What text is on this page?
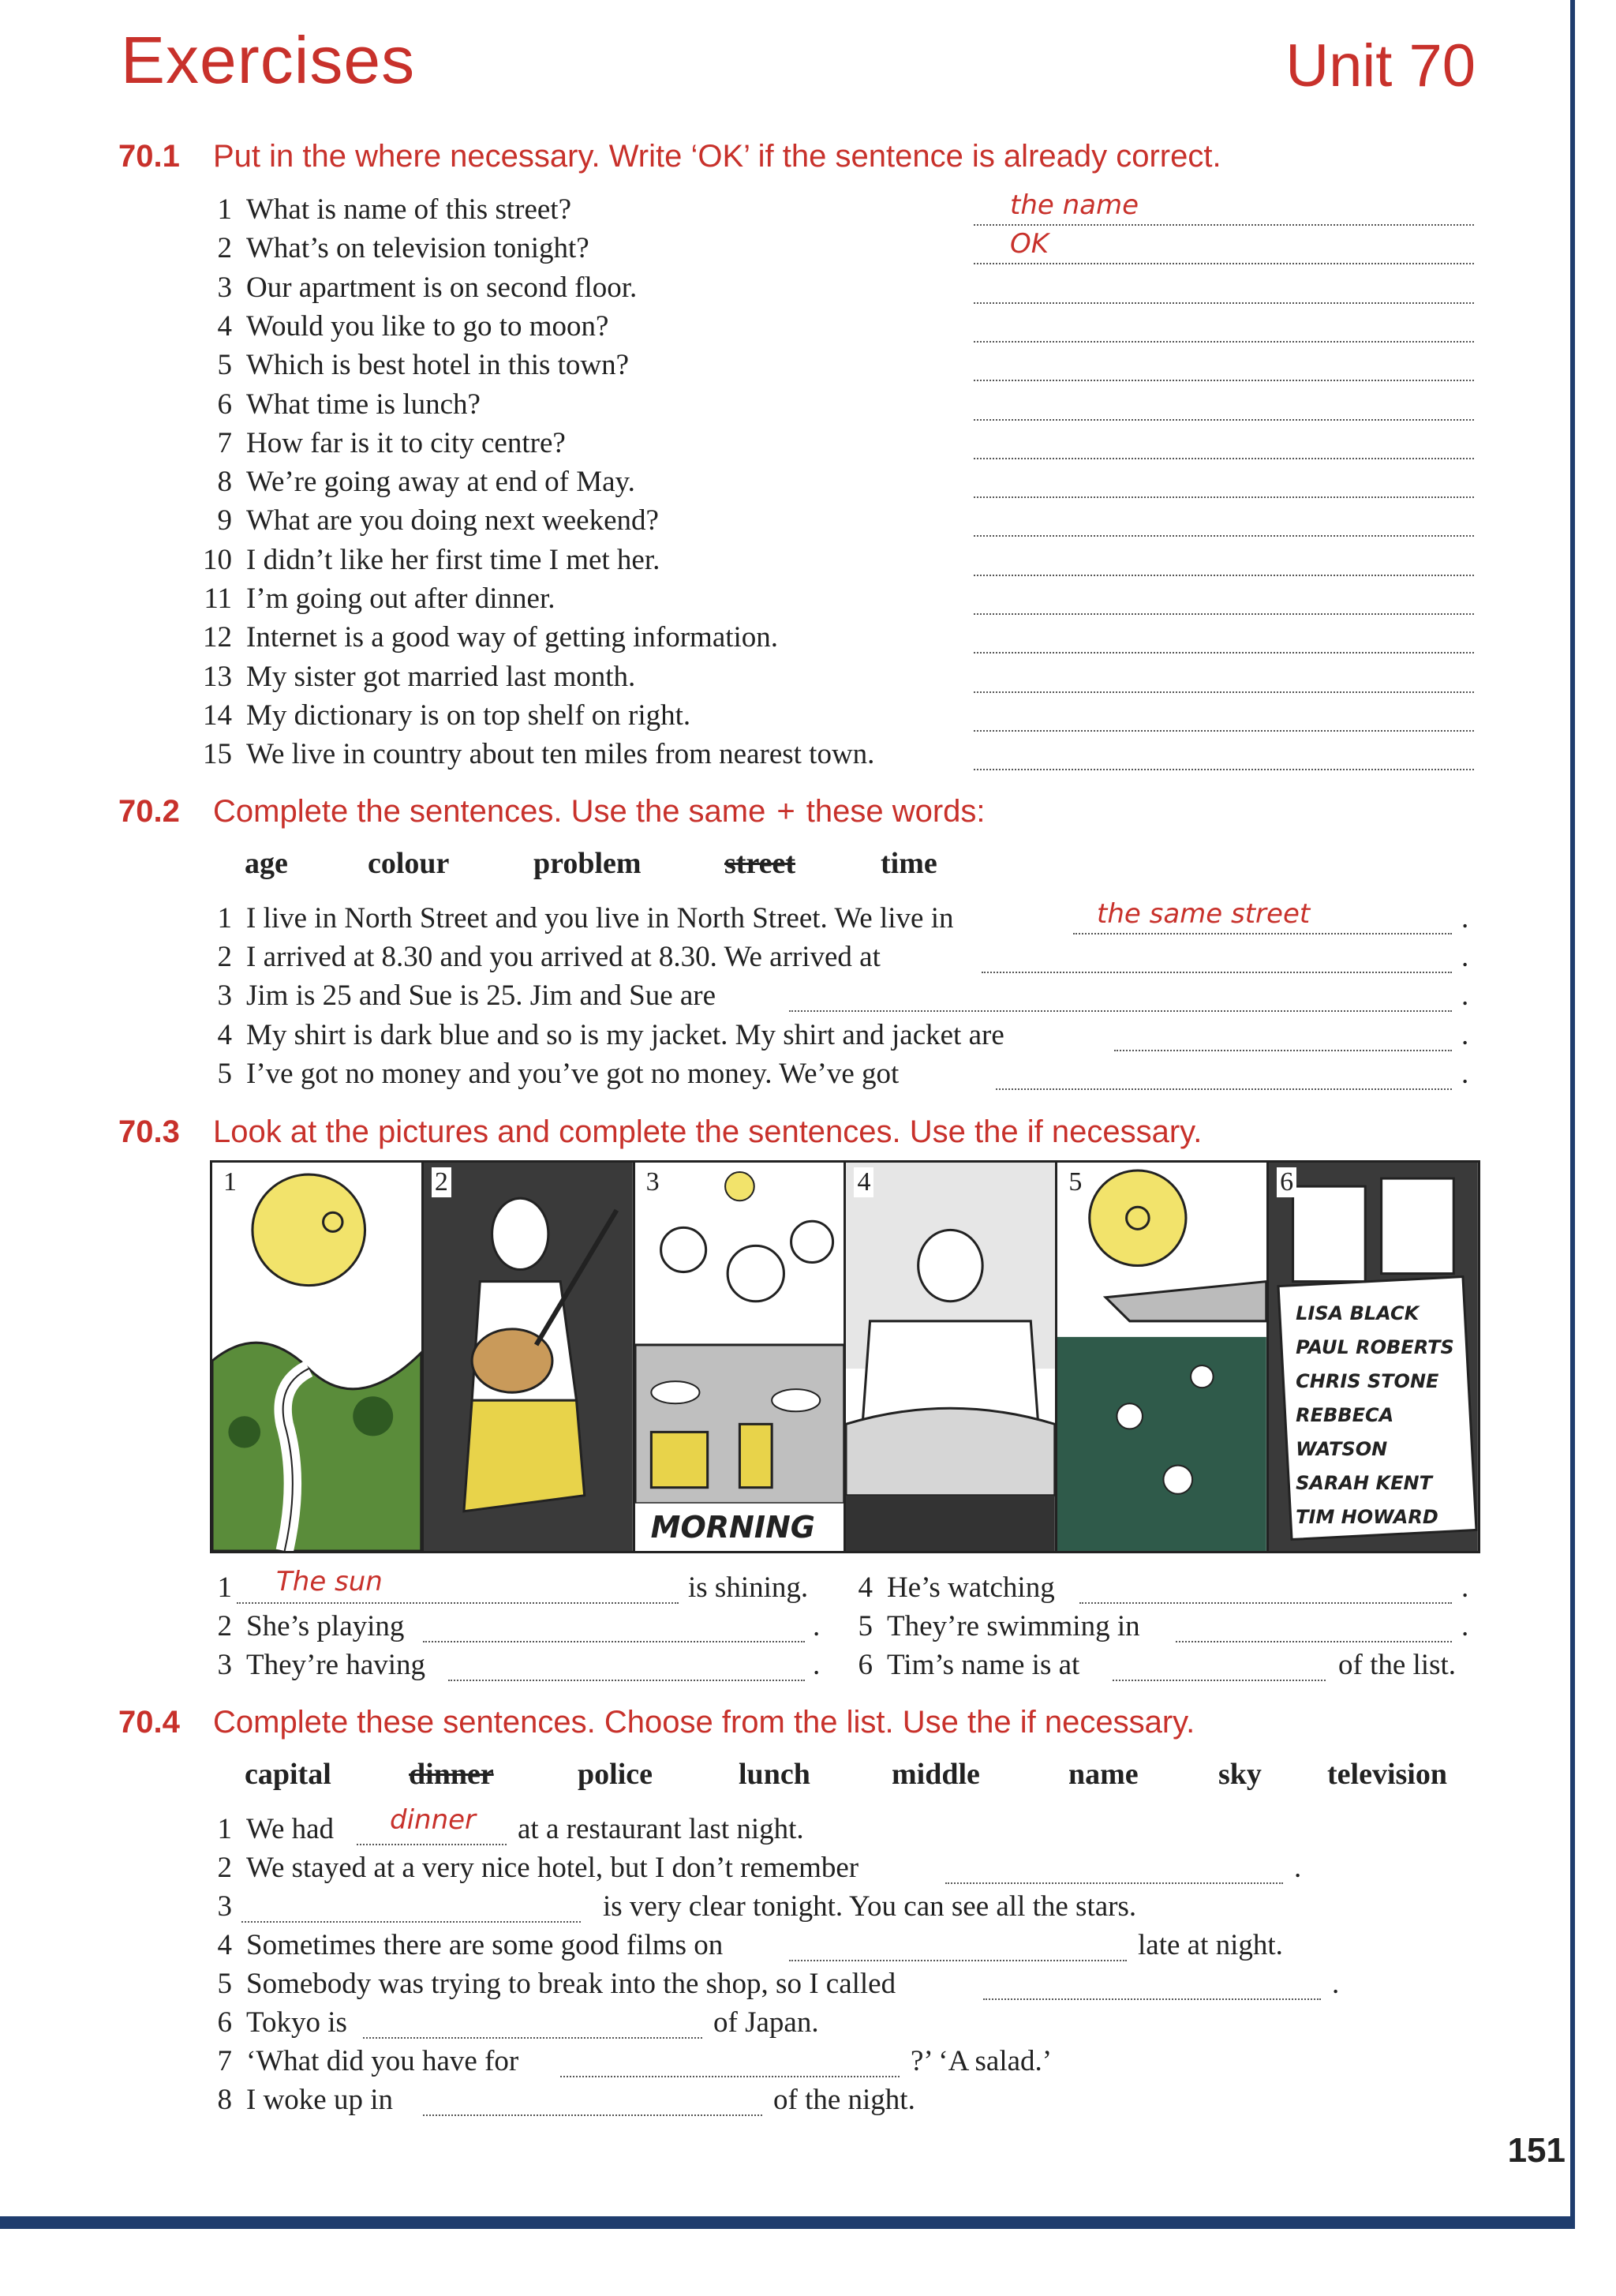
Exercises	Unit 70
70.1 Put in the where necessary. Write ‘OK’ if the sentence is already correct.
1 What is name of this street?	the name
2 What’s on television tonight?	OK
3 Our apartment is on second floor.
4 Would you like to go to moon?
5 Which is best hotel in this town?
6 What time is lunch?
7 How far is it to city centre?
8 We’re going away at end of May.
9 What are you doing next weekend?
10 I didn’t like her first time I met her.
11 I’m going out after dinner.
12 Internet is a good way of getting information.
13 My sister got married last month.
14 My dictionary is on top shelf on right.
15 We live in country about ten miles from nearest town.
70.2 Complete the sentences. Use the same + these words:
age	colour	problem	street	time
1 I live in North Street and you live in North Street. We live in	.
the same street
2 I arrived at 8.30 and you arrived at 8.30. We arrived at	.
3 Jim is 25 and Sue is 25. Jim and Sue are	.
4 My shirt is dark blue and so is my jacket. My shirt and jacket are	.
5 I’ve got no money and you’ve got no money. We’ve got	.
70.3 Look at the pictures and complete the sentences. Use the if necessary.
1	2	3
MORNING
4	5	6
LISA BLACK
PAUL ROBERTS
CHRIS STONE
REBBECA
WATSON
SARAH KENT
TIM HOWARD
1	The sun	is shining.
2 She’s playing	.
3 They’re having	.
4 He’s watching	.
5 They’re swimming in	.
6 Tim’s name is at	of the list.
70.4 Complete these sentences. Choose from the list. Use the if necessary.
capital	dinner	police	lunch	middle	name	sky television
1 We had dinner at a restaurant last night.
2 We stayed at a very nice hotel, but I don’t remember	.
3	is very clear tonight. You can see all the stars.
4 Sometimes there are some good films on	late at night.
5 Somebody was trying to break into the shop, so I called	.
6 Tokyo is	of Japan.
7 ‘What did you have for	?’ ‘A salad.’
8 I woke up in	of the night.
151
